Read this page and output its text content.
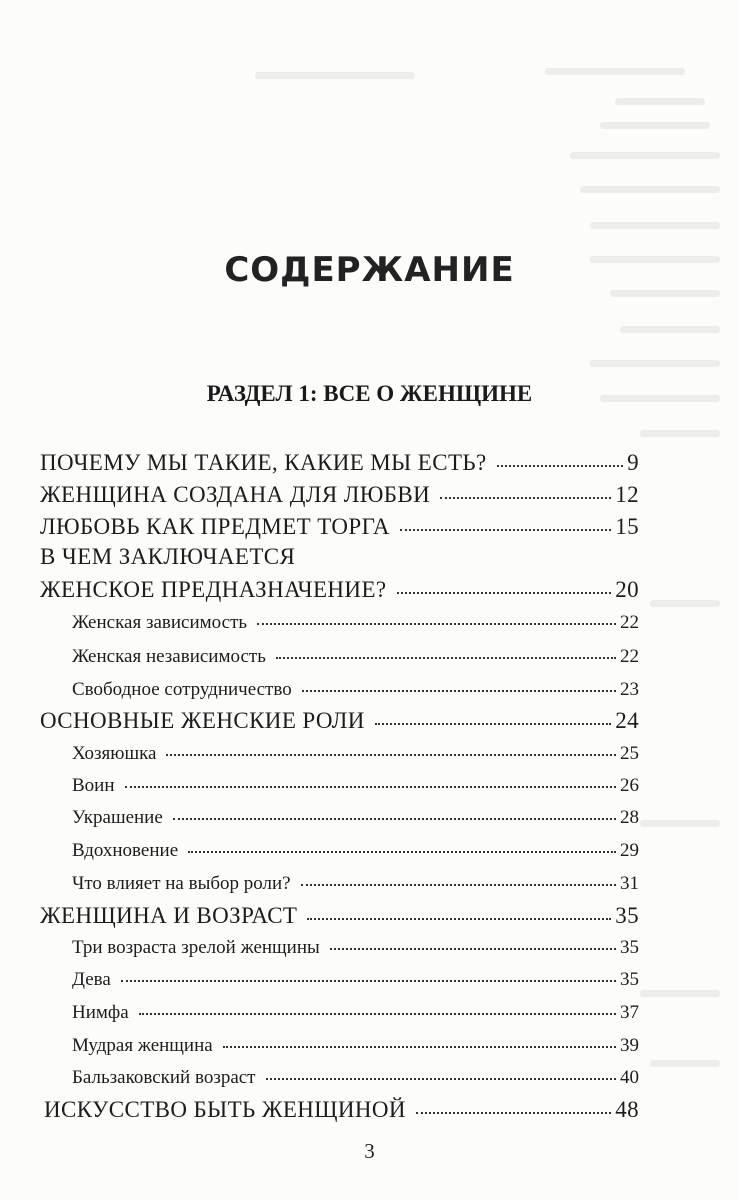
СОДЕРЖАНИЕ
РАЗДЕЛ 1: ВСЕ О ЖЕНЩИНЕ
ПОЧЕМУ МЫ ТАКИЕ, КАКИЕ МЫ ЕСТЬ?	9
ЖЕНЩИНА СОЗДАНА ДЛЯ ЛЮБВИ	12
ЛЮБОВЬ КАК ПРЕДМЕТ ТОРГА	15
В ЧЕМ ЗАКЛЮЧАЕТСЯ
ЖЕНСКОЕ ПРЕДНАЗНАЧЕНИЕ?	20
Женская зависимость	22
Женская независимость	22
Свободное сотрудничество	23
ОСНОВНЫЕ ЖЕНСКИЕ РОЛИ	24
Хозяюшка	25
Воин	26
Украшение	28
Вдохновение	29
Что влияет на выбор роли?	31
ЖЕНЩИНА И ВОЗРАСТ	35
Три возраста зрелой женщины	35
Дева	35
Нимфа	37
Мудрая женщина	39
Бальзаковский возраст	40
ИСКУССТВО БЫТЬ ЖЕНЩИНОЙ	48
3
